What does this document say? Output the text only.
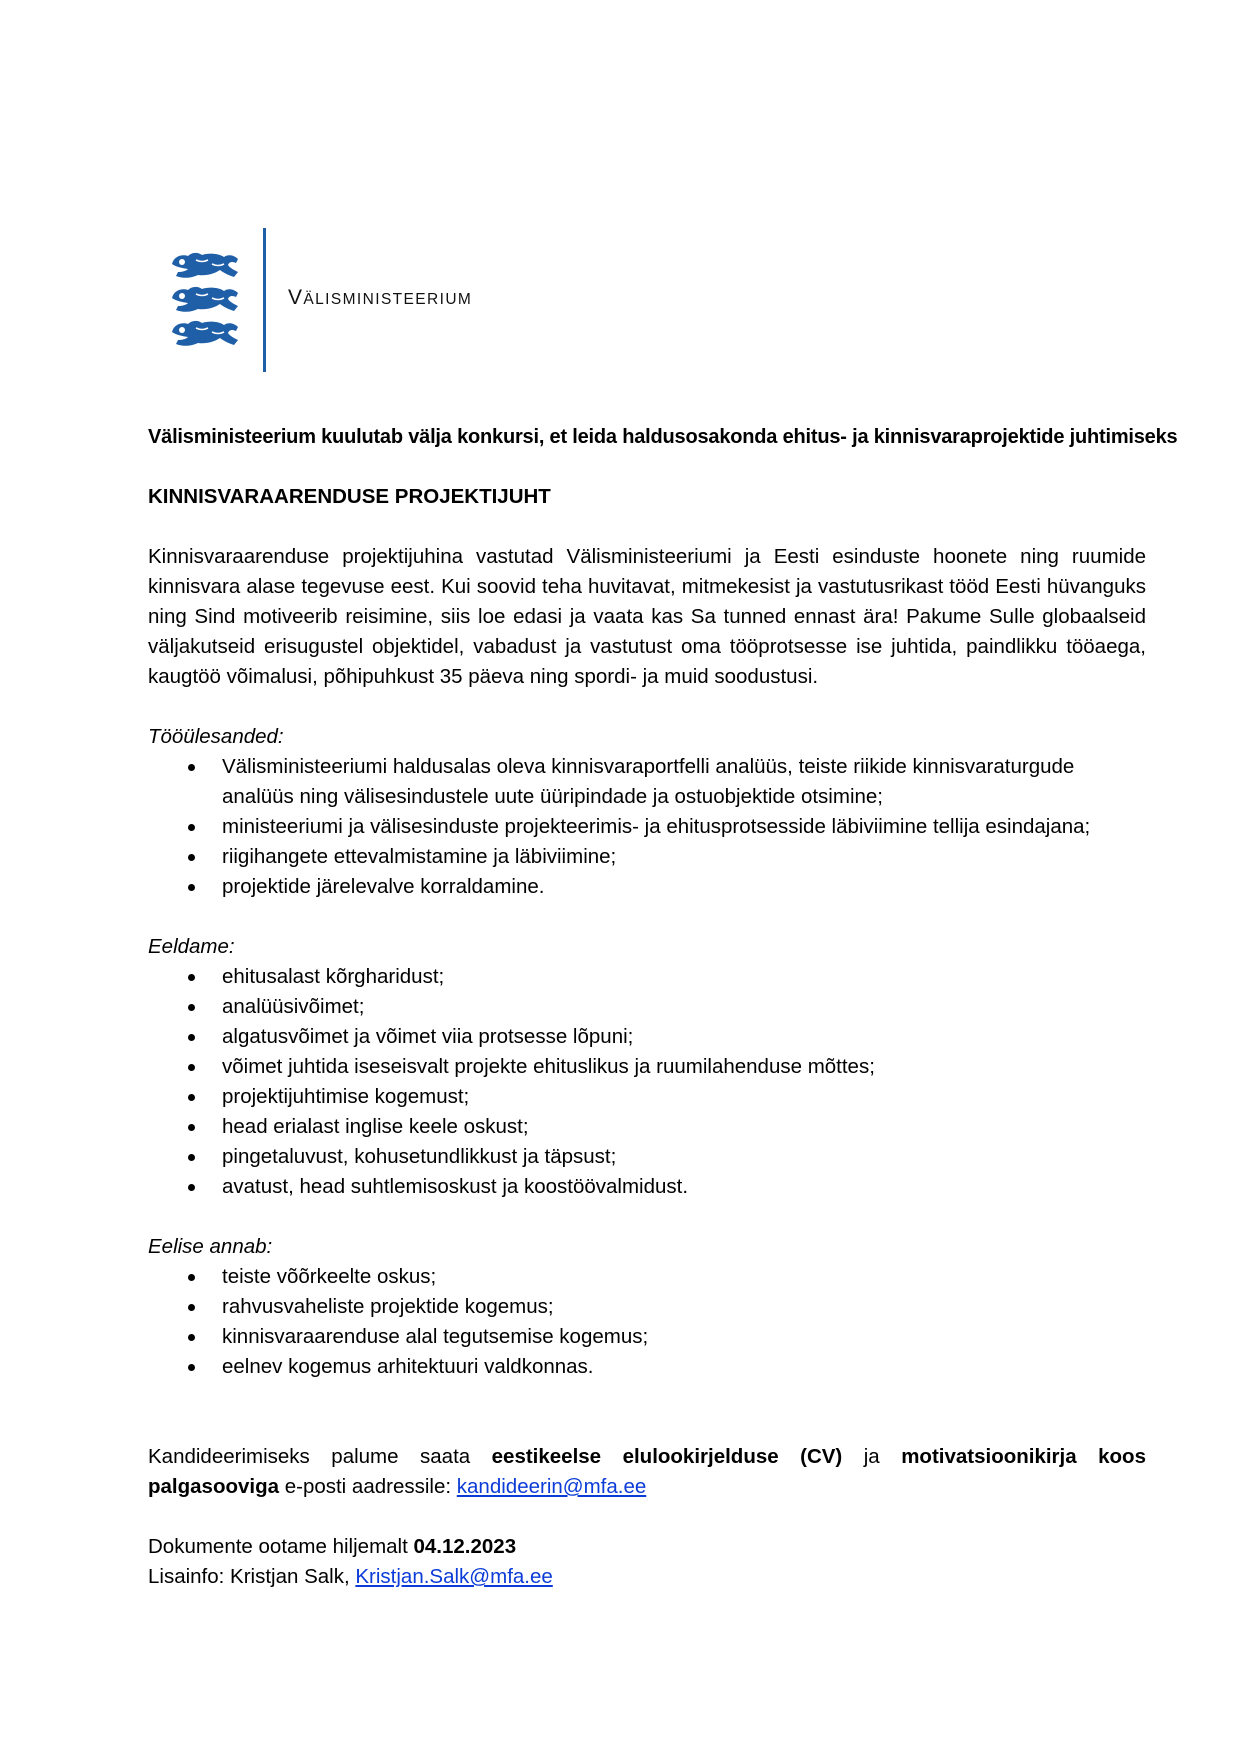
VÄLISMINISTEERIUM

Välisministeerium kuulutab välja konkursi, et leida haldusosakonda ehitus- ja kinnisvaraprojektide juhtimiseks

KINNISVARAARENDUSE PROJEKTIJUHT

Kinnisvaraarenduse projektijuhina vastutad Välisministeeriumi ja Eesti esinduste hoonete ning ruumide kinnisvara alase tegevuse eest. Kui soovid teha huvitavat, mitmekesist ja vastutusrikast tööd Eesti hüvanguks ning Sind motiveerib reisimine, siis loe edasi ja vaata kas Sa tunned ennast ära! Pakume Sulle globaalseid väljakutseid erisugustel objektidel, vabadust ja vastutust oma tööprotsesse ise juhtida, paindlikku tööaega, kaugtöö võimalusi, põhipuhkust 35 päeva ning spordi- ja muid soodustusi.

Tööülesanded:

Välisministeeriumi haldusalas oleva kinnisvaraportfelli analüüs, teiste riikide kinnisvaraturgude analüüs ning välisesindustele uute üüripindade ja ostuobjektide otsimine;
ministeeriumi ja välisesinduste projekteerimis- ja ehitusprotsesside läbiviimine tellija esindajana;
riigihangete ettevalmistamine ja läbiviimine;
projektide järelevalve korraldamine.

Eeldame:

ehitusalast kõrgharidust;
analüüsivõimet;
algatusvõimet ja võimet viia protsesse lõpuni;
võimet juhtida iseseisvalt projekte ehituslikus ja ruumilahenduse mõttes;
projektijuhtimise kogemust;
head erialast inglise keele oskust;
pingetaluvust, kohusetundlikkust ja täpsust;
avatust, head suhtlemisoskust ja koostöövalmidust.

Eelise annab:

teiste võõrkeelte oskus;
rahvusvaheliste projektide kogemus;
kinnisvaraarenduse alal tegutsemise kogemus;
eelnev kogemus arhitektuuri valdkonnas.

Kandideerimiseks palume saata eestikeelse elulookirjelduse (CV) ja motivatsioonikirja koos palgasooviga e-posti aadressile: kandideerin@mfa.ee

Dokumente ootame hiljemalt 04.12.2023

Lisainfo: Kristjan Salk, Kristjan.Salk@mfa.ee
